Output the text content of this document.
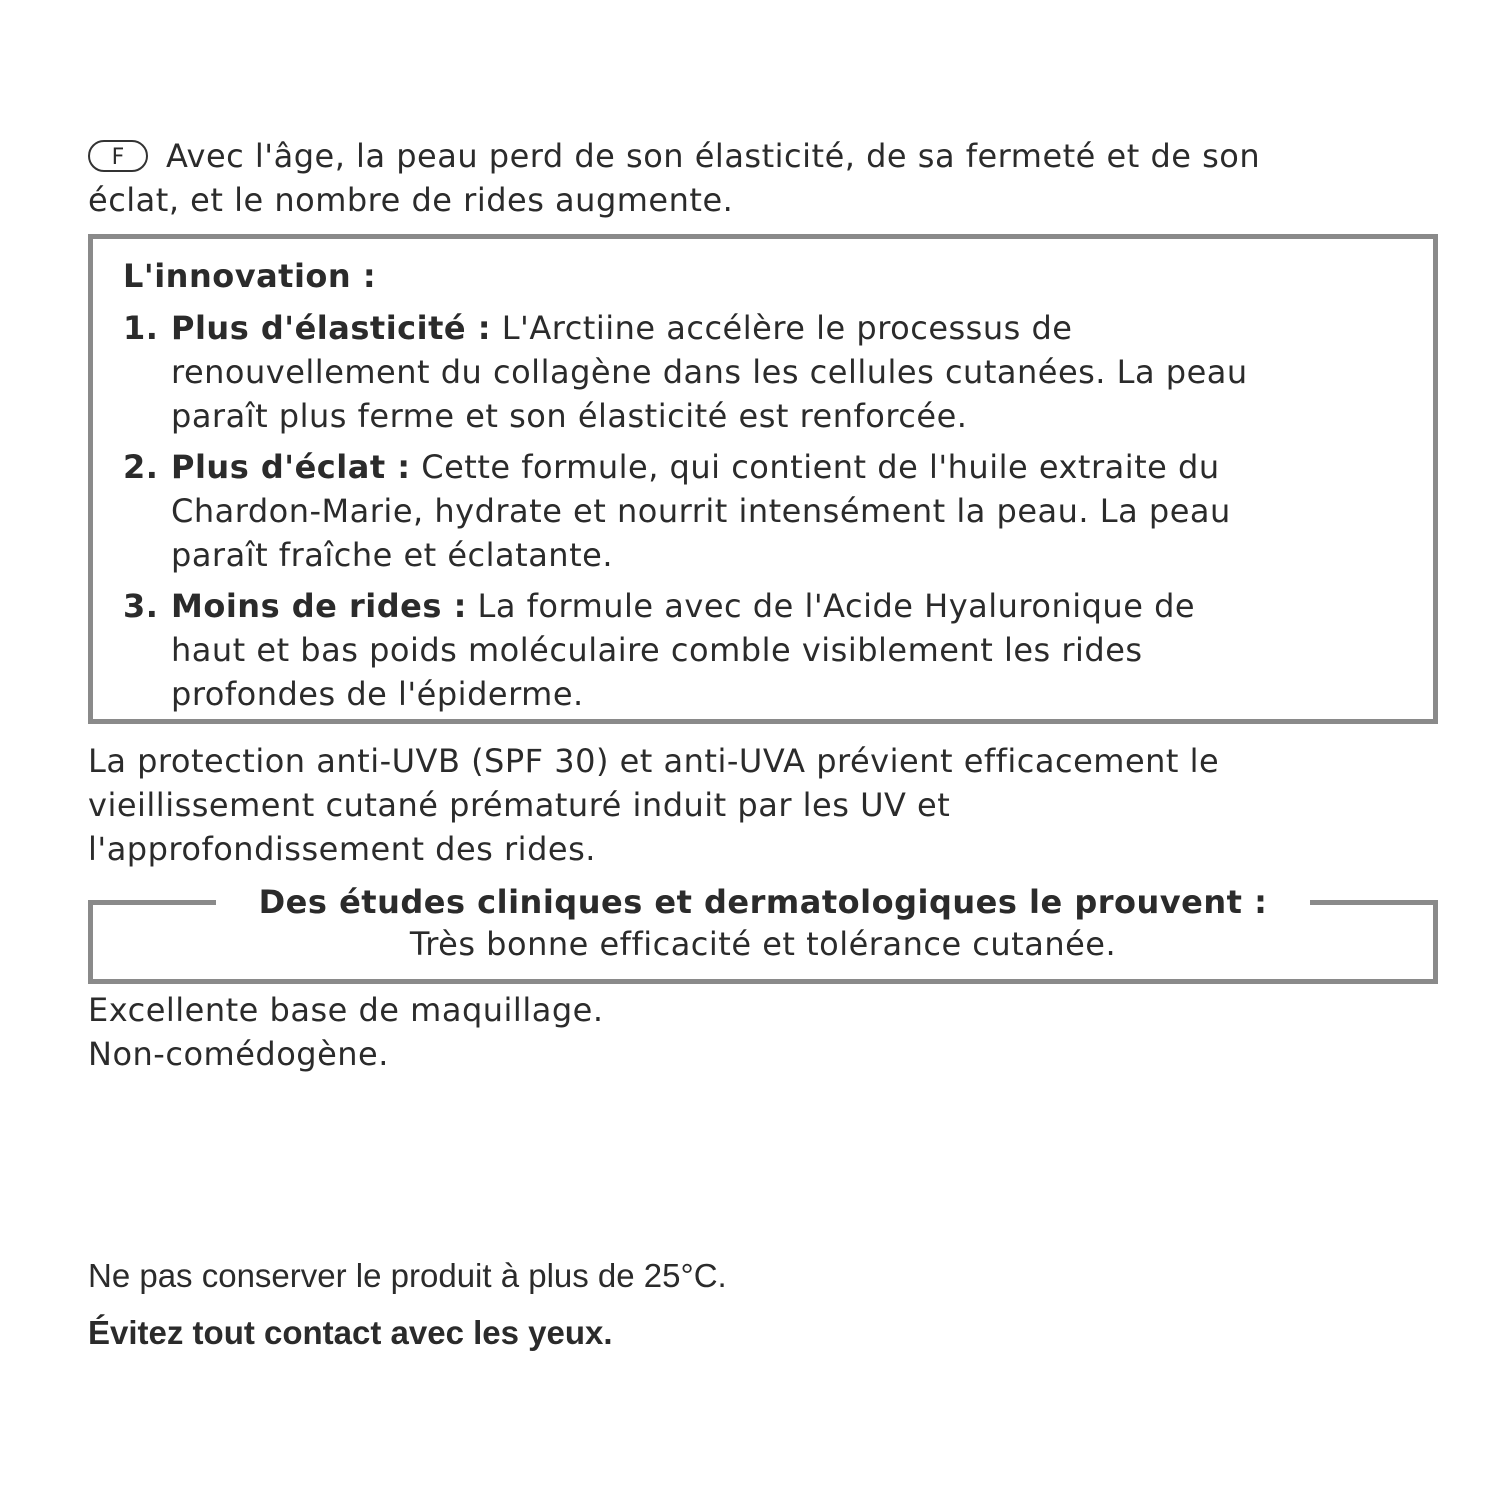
F Avec l'âge, la peau perd de son élasticité, de sa fermeté et de son
éclat, et le nombre de rides augmente.
L'innovation :
1. Plus d'élasticité : L'Arctiine accélère le processus de
renouvellement du collagène dans les cellules cutanées. La peau
paraît plus ferme et son élasticité est renforcée.
2. Plus d'éclat : Cette formule, qui contient de l'huile extraite du
Chardon-Marie, hydrate et nourrit intensément la peau. La peau
paraît fraîche et éclatante.
3. Moins de rides : La formule avec de l'Acide Hyaluronique de
haut et bas poids moléculaire comble visiblement les rides
profondes de l'épiderme.
La protection anti-UVB (SPF 30) et anti-UVA prévient efficacement le
vieillissement cutané prématuré induit par les UV et
l'approfondissement des rides.
Des études cliniques et dermatologiques le prouvent :
Très bonne efficacité et tolérance cutanée.
Excellente base de maquillage.
Non-comédogène.
Ne pas conserver le produit à plus de 25°C.
Évitez tout contact avec les yeux.
